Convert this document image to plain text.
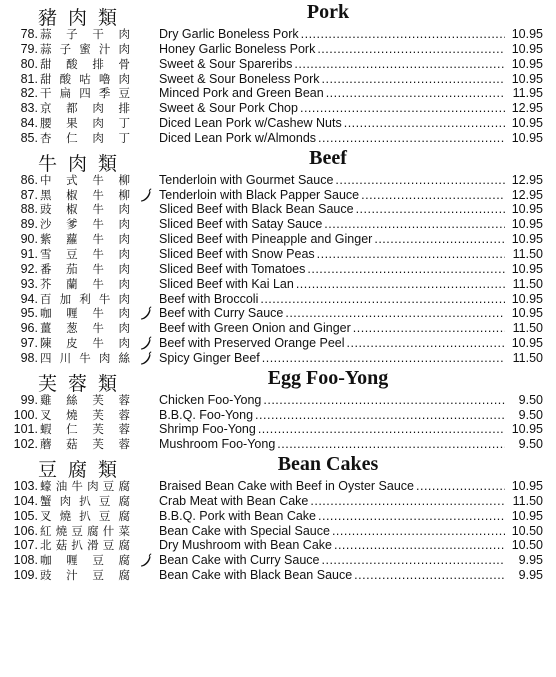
豬肉類	Pork
78. 蒜 子 干 肉 Dry Garlic Boneless Pork .....	10.95
79. 蒜 子 蜜 汁 肉 Honey Garlic Boneless Pork .....	10.95
80. 甜 酸 排 骨 Sweet & Sour Spareribs .....	10.95
81. 甜 酸 咕 嚕 肉 Sweet & Sour Boneless Pork .....	10.95
82. 干 扁 四 季 豆 Minced Pork and Green Bean .....	11.95
83. 京 都 肉 排 Sweet & Sour Pork Chop .....	12.95
84. 腰 果 肉 丁 Diced Lean Pork w/Cashew Nuts .....	10.95
85. 杏 仁 肉 丁 Diced Lean Pork w/Almonds .....	10.95
牛肉類	Beef
86. 中 式 牛 柳 Tenderloin with Gourmet Sauce .....	12.95
87. 黑 椒 牛 柳 Tenderloin with Black Papper Sauce .....	12.95
88. 豉 椒 牛 肉 Sliced Beef with Black Bean Sauce .....	10.95
89. 沙 爹 牛 肉 Sliced Beef with Satay Sauce .....	10.95
90. 紫 蘿 牛 肉 Sliced Beef with Pineapple and Ginger .....	10.95
91. 雪 豆 牛 肉 Sliced Beef with Snow Peas .....	11.50
92. 番 茄 牛 肉 Sliced Beef with Tomatoes .....	10.95
93. 芥 蘭 牛 肉 Sliced Beef with Kai Lan .....	11.50
94. 百 加 利 牛 肉 Beef with Broccoli .....	10.95
95. 咖 喱 牛 肉 Beef with Curry Sauce .....	10.95
96. 薑 葱 牛 肉 Beef with Green Onion and Ginger .....	11.50
97. 陳 皮 牛 肉 Beef with Preserved Orange Peel .....	10.95
98. 四 川 牛 肉 絲 Spicy Ginger Beef .....	11.50
芙蓉類	Egg Foo-Yong
99. 雞 絲 芙 蓉 Chicken Foo-Yong .....	9.50
100. 叉 燒 芙 蓉 B.B.Q. Foo-Yong .....	9.50
101. 蝦 仁 芙 蓉 Shrimp Foo-Yong .....	10.95
102. 蘑 菇 芙 蓉 Mushroom Foo-Yong .....	9.50
豆腐類	Bean Cakes
103. 蠔 油 牛 肉 豆 腐 Braised Bean Cake with Beef in Oyster Sauce .....	10.95
104. 蟹 肉 扒 豆 腐 Crab Meat with Bean Cake .....	11.50
105. 叉 燒 扒 豆 腐 B.B.Q. Pork with Bean Cake .....	10.95
106. 紅 燒 豆 腐 什 菜 Bean Cake with Special Sauce .....	10.50
107. 北 菇 扒 滑 豆 腐 Dry Mushroom with Bean Cake .....	10.50
108. 咖 喱 豆 腐 Bean Cake with Curry Sauce .....	9.95
109. 豉 汁 豆 腐 Bean Cake with Black Bean Sauce .....	9.95
